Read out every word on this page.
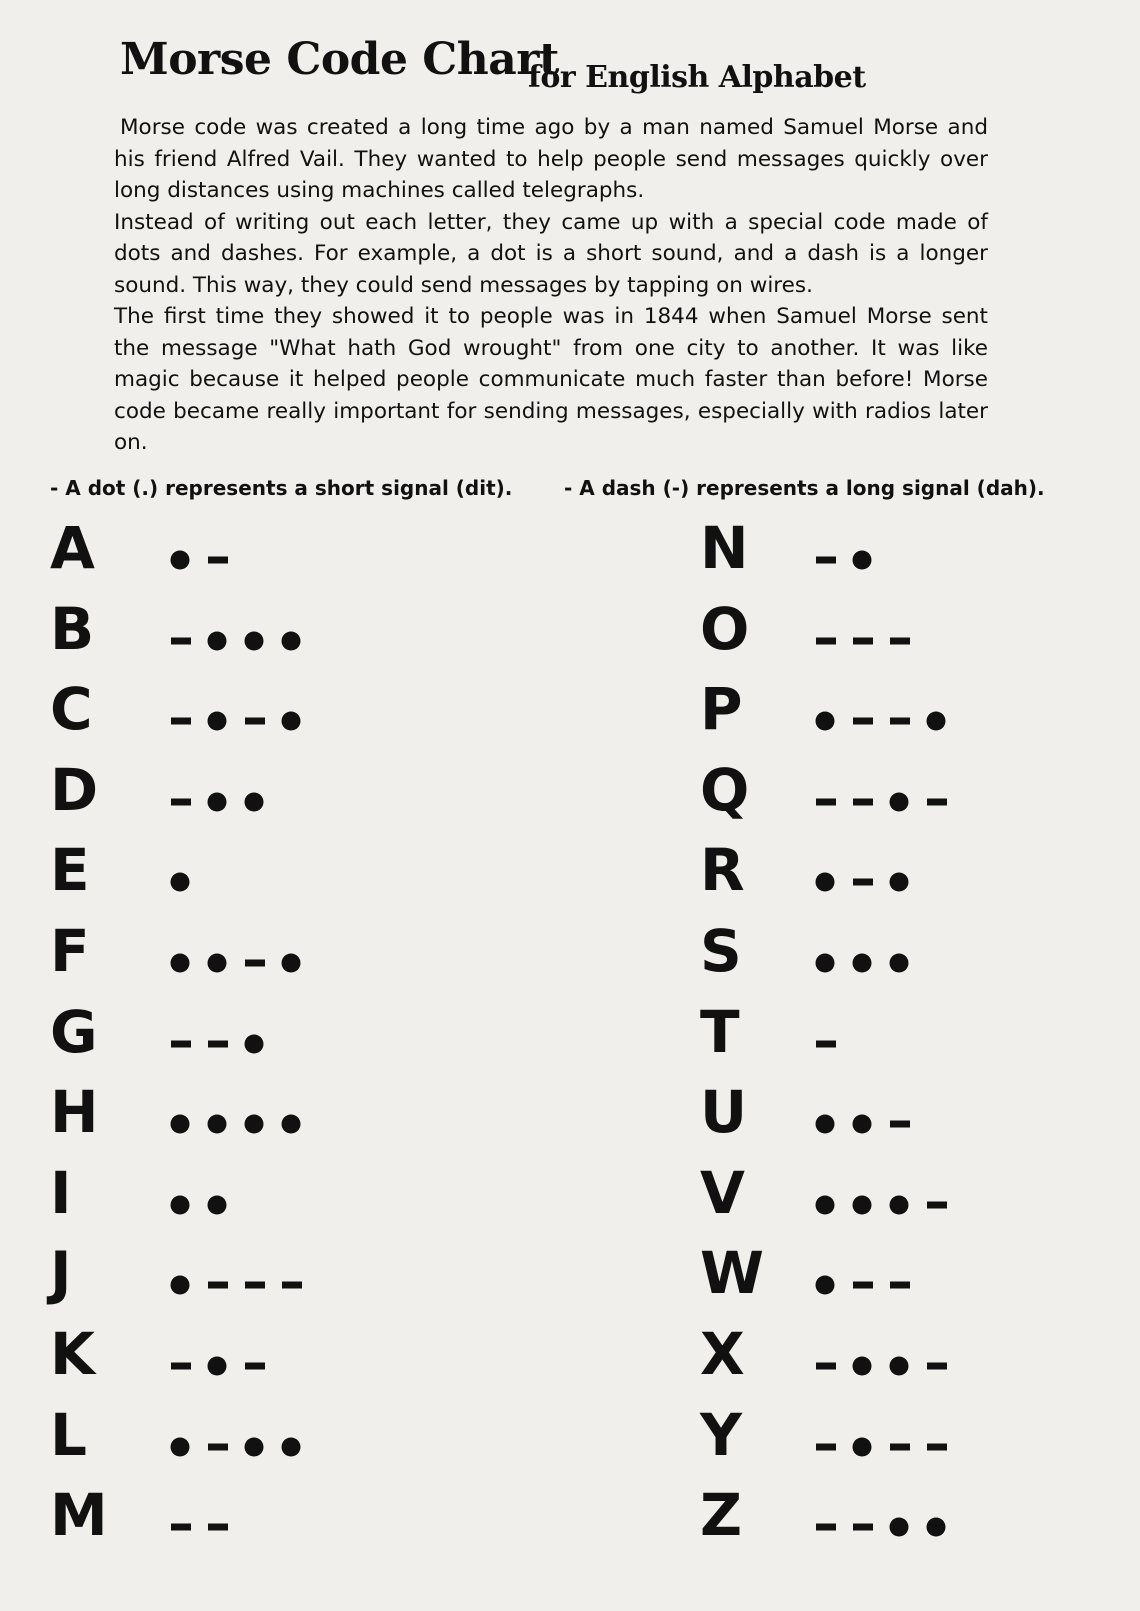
Morse Code Chart
for English Alphabet

Morse code was created a long time ago by a man named Samuel Morse and his friend Alfred Vail. They wanted to help people send messages quickly over long distances using machines called telegraphs.

Instead of writing out each letter, they came up with a special code made of dots and dashes. For example, a dot is a short sound, and a dash is a longer sound. This way, they could send messages by tapping on wires.

The first time they showed it to people was in 1844 when Samuel Morse sent the message "What hath God wrought" from one city to another. It was like magic because it helped people communicate much faster than before! Morse code became really important for sending messages, especially with radios later on.

- A dot (.) represents a short signal (dit).	- A dash (-) represents a long signal (dah).
A
B
C
D
E
F
G
H
I
J
K
L
M
N
O
P
Q
R
S
T
U
V
W
X
Y
Z
